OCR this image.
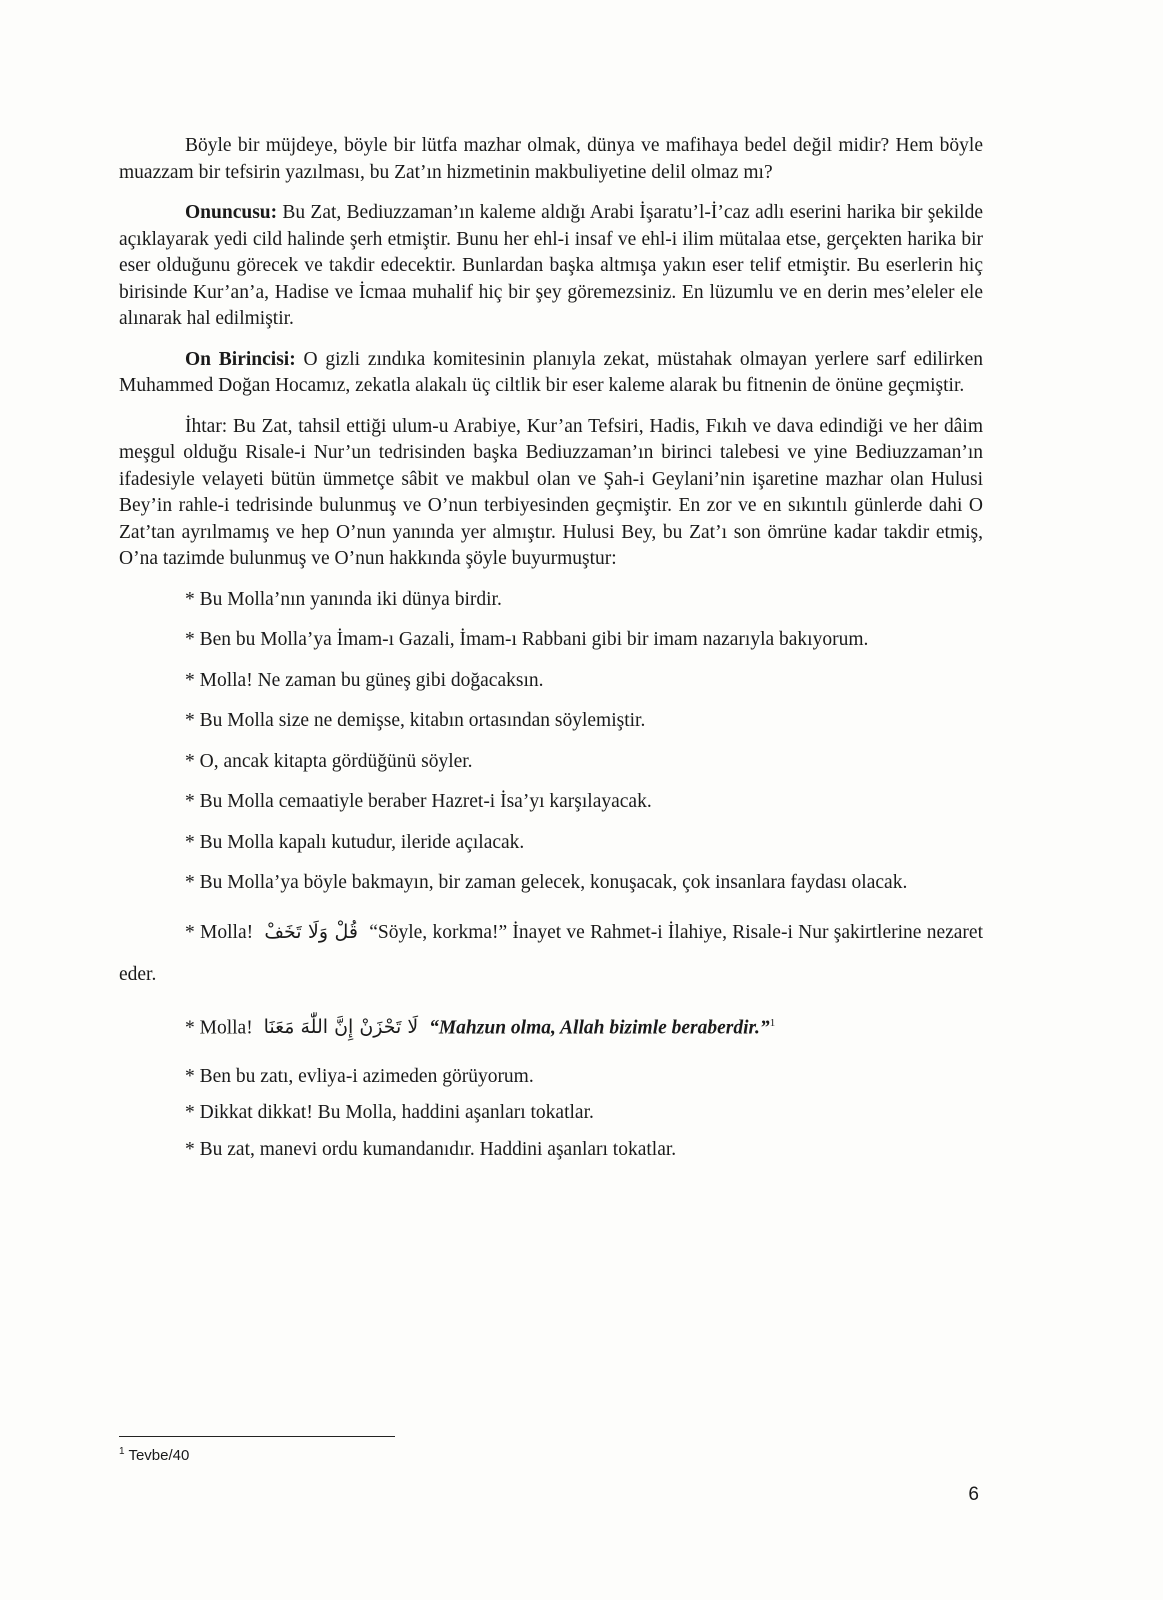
Böyle bir müjdeye, böyle bir lütfa mazhar olmak, dünya ve mafihaya bedel değil midir? Hem böyle muazzam bir tefsirin yazılması, bu Zat’ın hizmetinin makbuliyetine delil olmaz mı?

Onuncusu: Bu Zat, Bediuzzaman’ın kaleme aldığı Arabi İşaratu’l-İ’caz adlı eserini harika bir şekilde açıklayarak yedi cild halinde şerh etmiştir. Bunu her ehl-i insaf ve ehl-i ilim mütalaa etse, gerçekten harika bir eser olduğunu görecek ve takdir edecektir. Bunlardan başka altmışa yakın eser telif etmiştir. Bu eserlerin hiç birisinde Kur’an’a, Hadise ve İcmaa muhalif hiç bir şey göremezsiniz. En lüzumlu ve en derin mes’eleler ele alınarak hal edilmiştir.

On Birincisi: O gizli zındıka komitesinin planıyla zekat, müstahak olmayan yerlere sarf edilirken Muhammed Doğan Hocamız, zekatla alakalı üç ciltlik bir eser kaleme alarak bu fitnenin de önüne geçmiştir.

İhtar: Bu Zat, tahsil ettiği ulum-u Arabiye, Kur’an Tefsiri, Hadis, Fıkıh ve dava edindiği ve her dâim meşgul olduğu Risale-i Nur’un tedrisinden başka Bediuzzaman’ın birinci talebesi ve yine Bediuzzaman’ın ifadesiyle velayeti bütün ümmetçe sâbit ve makbul olan ve Şah-i Geylani’nin işaretine mazhar olan Hulusi Bey’in rahle-i tedrisinde bulunmuş ve O’nun terbiyesinden geçmiştir. En zor ve en sıkıntılı günlerde dahi O Zat’tan ayrılmamış ve hep O’nun yanında yer almıştır. Hulusi Bey, bu Zat’ı son ömrüne kadar takdir etmiş, O’na tazimde bulunmuş ve O’nun hakkında şöyle buyurmuştur:

* Bu Molla’nın yanında iki dünya birdir.

* Ben bu Molla’ya İmam-ı Gazali, İmam-ı Rabbani gibi bir imam nazarıyla bakıyorum.

* Molla! Ne zaman bu güneş gibi doğacaksın.

* Bu Molla size ne demişse, kitabın ortasından söylemiştir.

* O, ancak kitapta gördüğünü söyler.

* Bu Molla cemaatiyle beraber Hazret-i İsa’yı karşılayacak.

* Bu Molla kapalı kutudur, ileride açılacak.

* Bu Molla’ya böyle bakmayın, bir zaman gelecek, konuşacak, çok insanlara faydası olacak.

* Molla! قُلْ وَلَا تَخَفْ “Söyle, korkma!” İnayet ve Rahmet-i İlahiye, Risale-i Nur şakirtlerine nezaret eder.

* Molla! لَا تَحْزَنْ إِنَّ اللّٰهَ مَعَنَا “Mahzun olma, Allah bizimle beraberdir.”$^1$

* Ben bu zatı, evliya-i azimeden görüyorum.

* Dikkat dikkat! Bu Molla, haddini aşanları tokatlar.

* Bu zat, manevi ordu kumandanıdır. Haddini aşanları tokatlar.

$^1$ Tevbe/40
6
